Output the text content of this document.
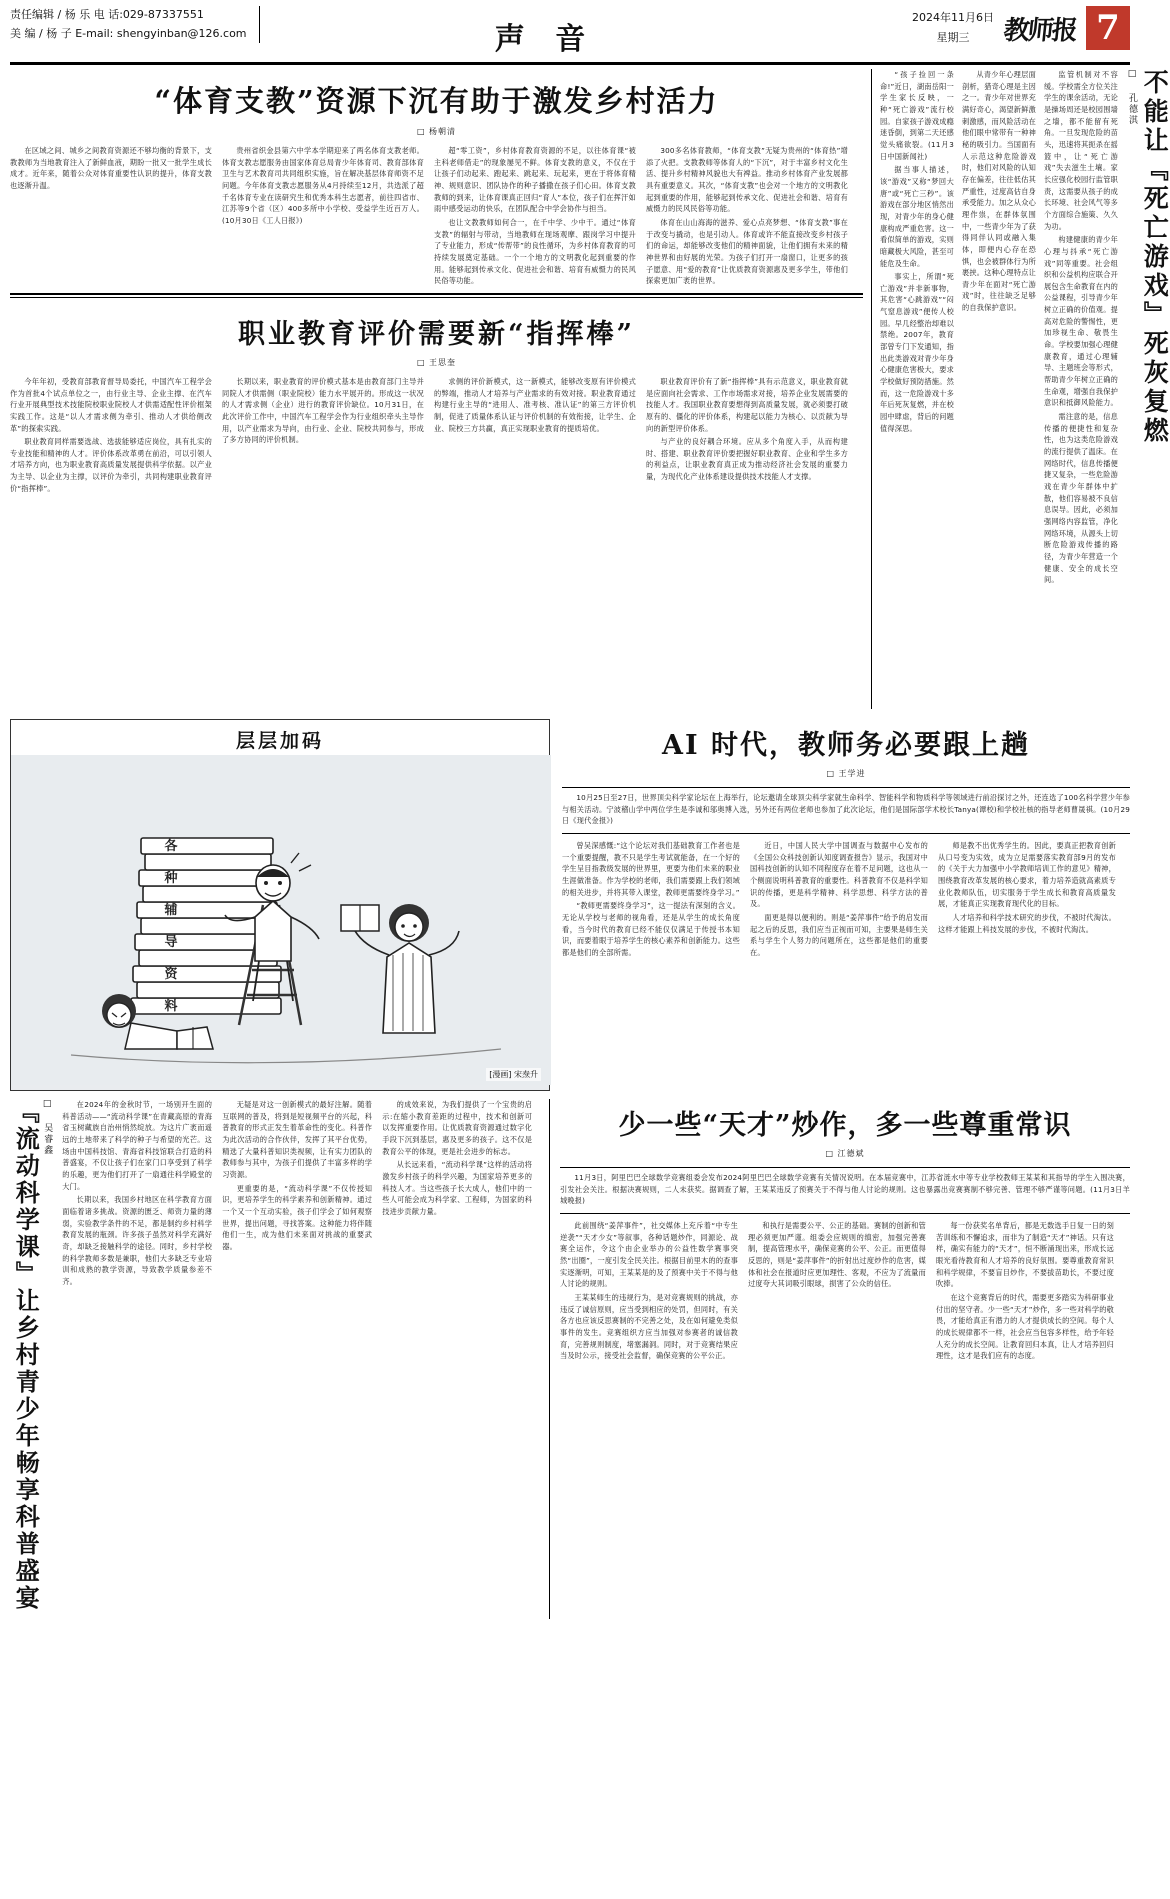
责任编辑 / 杨 乐 电 话:029-87337551
美 编 / 杨 子 E-mail: shengyinban@126.com	声 音
2024年11月6日
星期三	教师报 7
“体育支教”资源下沉有助于激发乡村活力
□ 杨朝清

在区域之间、城乡之间教育资源还不够均衡的背景下，支教教师为当地教育注入了新鲜血液，期盼一批又一批学生成长成才。近年来，随着公众对体育重要性认识的提升，体育支教也逐渐升温。

贵州省织金县第六中学本学期迎来了两名体育支教老师。体育支教志愿服务由国家体育总局青少年体育司、教育部体育卫生与艺术教育司共同组织实施，旨在解决基层体育师资不足问题。今年体育支教志愿服务从4月持续至12月，共选派了超千名体育专业在读研究生和优秀本科生志愿者，前往四省市、江苏等9个省（区）400多所中小学校、受益学生近百万人。(10月30日《工人日报》)

超“零工资”，乡村体育教育资源的不足，以往体育课“被主科老师借走”的现象屡见不鲜。体育支教的意义，不仅在于让孩子们动起来、跑起来、跳起来、玩起来，更在于将体育精神、规则意识、团队协作的种子播撒在孩子们心田。体育支教教师的到来，让体育课真正回归“育人”本位，孩子们在挥汗如雨中感受运动的快乐，在团队配合中学会协作与担当。

也让文教教师如何合一，在千中学、少中干。通过“体育支教”的辐射与带动，当地教师在现场观摩、跟岗学习中提升了专业能力，形成“传帮带”的良性循环，为乡村体育教育的可持续发展奠定基础。一个一个地方的文明教化起到重要的作用。能够起到传承文化、促进社会和谐、培育有威慑力的民风民俗等功能。

300多名体育教师，“体育支教”无疑为贵州的“体育热”增添了火把。支教教师等体育人的“下沉”，对于丰富乡村文化生活、提升乡村精神风貌也大有裨益。推动乡村体育产业发展都具有重要意义。其次，“体育支教”也会对一个地方的文明教化起到重要的作用，能够起到传承文化、促进社会和谐、培育有威慑力的民风民俗等功能。

体育在山山海海的滋养、爱心点亮梦想、“体育支教”事在于改变与撬动，也是引动人。体育或许不能直接改变乡村孩子们的命运，却能够改变他们的精神面貌，让他们拥有未来的精神世界和由好展的光荣。为孩子们打开一扇窗口，让更多的孩子愿意、用“爱的教育”让优质教育资源惠及更多学生，带他们探索更加广袤的世界。

职业教育评价需要新“指挥棒”
□ 王思奎

今年年初，受教育部教育督导局委托，中国汽车工程学会作为首批4个试点单位之一，由行业主导、企业主撑、在汽车行业开展典型技术技能院校职业院校人才供需适配性评价框架实践工作。这是“以人才需求侧为牵引、推动人才供给侧改革”的探索实践。

职业教育同样需要选战、选拔能够适应岗位，具有扎实的专业技能和精神的人才。评价体系改革勇在前沿，可以引领人才培养方向，也为职业教育高质量发展提供科学依据。以产业为主导、以企业为主撑，以评价为牵引，共同构建职业教育评价“指挥棒”。

长期以来，职业教育的评价模式基本是由教育部门主导并同院人才供需侧（职业院校）能力水平展开的。形成这一状况的人才需求侧（企业）进行的教育评价缺位。10月31日，在此次评价工作中，中国汽车工程学会作为行业组织牵头主导作用，以产业需求为导向，由行业、企业、院校共同参与，形成了多方协同的评价机制。

求侧的评价新模式，这一新模式，能够改变原有评价模式的弊端，推动人才培养与产业需求的有效对接。职业教育通过构建行业主导的“进用人、准考核、准认证”的第三方评价机制，促进了质量体系认证与评价机制的有效衔接，让学生、企业、院校三方共赢，真正实现职业教育的提质培优。

职业教育评价有了新“指挥棒”具有示范意义，职业教育就是应面向社会需求、工作市场需求对接，培养企业发展需要的技能人才。我国职业教育要想得到高质量发展，就必须要打破原有的、僵化的评价体系，构建起以能力为核心、以贡献为导向的新型评价体系。

与产业的良好耦合环境。应从多个角度入手，从而构建时、搭建、职业教育评价要把握好职业教育、企业和学生多方的利益点，让职业教育真正成为推动经济社会发展的重要力量，为现代化产业体系建设提供技术技能人才支撑。

“孩子捡回一条命!”近日，湖南岳阳一学生家长反映，一种“死亡游戏”流行校园。自家孩子游戏成瘾迷昏倒，到第二天还感觉头痛欲裂。(11月3日中国新闻社)

据当事人描述，该“游戏”又称“梦回大唐”或“死亡三秒”。该游戏在部分地区悄然出现，对青少年的身心健康构成严重危害。这一看似简单的游戏，实则暗藏极大风险，甚至可能危及生命。

事实上，所谓“死亡游戏”并非新事物，其危害“心跳游戏”“闷气窒息游戏”便传人校园。早几经整治却难以禁绝。2007年，教育部曾专门下发通知，指出此类游戏对青少年身心健康危害极大，要求学校做好预防措施。然而，这一危险游戏十多年后死灰复燃，并在校园中肆虐，背后的问题值得深思。

从青少年心理层面剖析，猎奇心理是主因之一。青少年对世界充满好奇心，渴望新鲜激刺激感，而风险活动在他们眼中常带有一种神秘的吸引力。当国面有人示范这种危险游戏时，他们对风险的认知存在偏差，往往低估其严重性，过度高估自身承受能力。加之从众心理作祟，在群体氛围中，一些青少年为了获得同伴认同或融入集体，即便内心存在恐惧，也会被群体行为所裹挟。这种心理特点让青少年在面对“死亡游戏”时，往往缺乏足够的自我保护意识。

监管机制对不容缓。学校需全方位关注学生的课余活动，无论是操场周还是校园围墙之墙，都不能留有死角。一旦发现危险的苗头，迅速将其扼杀在摇篮中，让“死亡游戏”失去滋生土壤。家长应强化校园行监管职责，这需要从孩子的成长环境、社会风气等多个方面综合施策、久久为功。

构建健康的青少年心理与抖承“死亡游戏”同等重要。社会组织和公益机构应联合开展包含生命教育在内的公益课程，引导青少年树立正确的价值观。提高对危险的警惕性，更加珍视生命、敬畏生命。学校要加强心理健康教育，通过心理辅导、主题班会等形式，帮助青少年树立正确的生命观，增强自我保护意识和抵御风险能力。

需注意的是，信息传播的便捷性和复杂性，也为这类危险游戏的流行提供了温床。在网络时代，信息传播便捷又复杂，一些危险游戏在青少年群体中扩散，他们容易被不良信息误导。因此，必须加强网络内容监管，净化网络环境，从源头上切断危险游戏传播的路径，为青少年营造一个健康、安全的成长空间。

□ 孔德淇 不能让『死亡游戏』死灰复燃
层层加码
各
种
辅
导
资
料
[漫画] 宋焘升
AI 时代，教师务必要跟上趟
□ 王学进

10月25日至27日，世界顶尖科学家论坛在上海举行，论坛邀请全球顶尖科学家就生命科学、智能科学和物质科学等领域进行前沿探讨之外，还连选了100名科学营少年参与相关活动。宁波稽山学中两位学生是李诚和邬奥博入选，另外还有两位老师也参加了此次论坛，他们是国际部学术校长Tanya(谭校)和学校社核的指导老师曹晟祺。(10月29日《现代金报》)

曾吴深感慨:“这个论坛对我们基础教育工作者也是一个重要提醒，教不只是学生考试就能备，在一个好的学生呈目指教级发展的世界里，更要为他们未来的职业生涯做准备。作为学校的老师，我们需要跟上我们领域的相关进步，并将其带入课堂，教师更需要终身学习。”

“教师更需要终身学习”，这一提法有深刻的含义。无论从学校与老师的视角看，还是从学生的成长角度看，当今时代的教育已经不能仅仅满足于传授书本知识，而要着眼于培养学生的核心素养和创新能力。这些都是他们的全部所需。

近日，中国人民大学中国调查与数据中心发布的《全国公众科技创新认知度调查报告》显示，我国对中国科技创新的认知不同程度存在着不足问题，这也从一个侧面说明科普教育的重要性。科普教育不仅是科学知识的传播，更是科学精神、科学思想、科学方法的普及。

面更是得以便利的。则是“姜萍事件”给予的启发而起之后的反思，我们应当正视而可知，主要果是师生关系与学生个人努力的问题所在，这些都是他们的重要在。

师是教不出优秀学生的。因此，要真正把教育创新从口号变为实效，成为立足需要落实教育部9月的发布的《关于大力加强中小学教师培训工作的意见》精神，围绕教育改革发展的核心要求，着力培养造就高素质专业化教师队伍，切实服务于学生成长和教育高质量发展，才能真正实现教育现代化的目标。

人才培养和科学技术研究的步伐，不被时代淘汰。这样才能跟上科技发展的步伐，不被时代淘汰。

『流动科学课』让乡村青少年畅享科普盛宴 □ 吴睿鑫	在2024年的金秋时节，一场别开生面的科普活动——“流动科学课”在青藏高原的青海省玉树藏族自治州悄然绽放。为这片广袤而遥远的土地带来了科学的种子与希望的光芒。这场由中国科技馆、青海省科技馆联合打造的科普盛宴，不仅让孩子们在家门口享受到了科学的乐趣，更为他们打开了一扇通往科学殿堂的大门。

长期以来，我国乡村地区在科学教育方面面临着诸多挑战。资源的匮乏、师资力量的薄弱，实验教学条件的不足，都是制约乡村科学教育发展的瓶颈。许多孩子虽然对科学充满好奇，却缺乏接触科学的途径。同时，乡村学校的科学教师多数是兼职，他们大多缺乏专业培训和成熟的教学资源，导致教学质量参差不齐。

无疑是对这一创新模式的最好注解。随着互联网的普及，将到是短视频平台的兴起，科普教育的形式正发生着革命性的变化。科普作为此次活动的合作伙伴，发挥了其平台优势，精选了大量科普知识类视频，让有实力团队的教师参与其中，为孩子们提供了丰富多样的学习资源。

更重要的是，“流动科学课”不仅传授知识，更培养学生的科学素养和创新精神。通过一个又一个互动实验，孩子们学会了如何观察世界，提出问题，寻找答案。这种能力将伴随他们一生，成为他们未来面对挑战的重要武器。

的成效来说，为我们提供了一个宝贵的启示:在缩小教育差距的过程中，技术和创新可以发挥重要作用。让优质教育资源通过数字化手段下沉到基层，惠及更多的孩子。这不仅是教育公平的体现，更是社会进步的标志。

从长远来看，“流动科学课”这样的活动将激发乡村孩子的科学兴趣，为国家培养更多的科技人才。当这些孩子长大成人，他们中的一些人可能会成为科学家、工程师，为国家的科技进步贡献力量。

少一些“天才”炒作，多一些尊重常识
□ 江德斌

11月3日，阿里巴巴全球数学竞赛组委会发布2024阿里巴巴全球数学竞赛有关情况说明。在本届竞赛中，江苏省涟水中等专业学校教师王某某和其指导的学生入围决赛，引发社会关注。根据决赛规则，二人未获奖。据调查了解，王某某违反了预赛关于不得与他人讨论的规则。这也暴露出竞赛赛制不够完善、管理不够严谨等问题。(11月3日羊城晚报)

此前围绕“姜萍事件”，社交媒体上充斥着“中专生逆袭”“天才少女”等叙事，各种话题炒作，同源论、战赛全运作，令这个由企业举办的公益性数学赛事突然“出圈”，一度引发全民关注。根据目前里木的的查事实逐渐明，可知，王某某是的及了预赛中关于不得与他人讨论的规则。

王某某师生的违规行为，是对竞赛规则的挑战，亦违反了诚信原则，应当受到相应的处罚，但同时，有关各方也应该反思赛制的不完善之处，及在如何避免类似事件的发生。竞赛组织方应当加强对参赛者的诚信教育，完善规则制度，堵塞漏洞。同时，对于竞赛结果应当及时公示，接受社会监督，确保竞赛的公平公正。

和执行是需要公平、公正的基础。赛制的创新和管理必须更加严谨。组委会应规则的缜密，加强完善赛制，提高管理水平，确保竞赛的公平、公正。而更值得反思的，则是“姜萍事件”的折射出过度炒作的危害，媒体和社会在报道时应更加理性、客观，不应为了流量而过度夸大其词吸引眼球，损害了公众的信任。

每一份获奖名单背后，都是无数选手日复一日的刻苦训练和不懈追求，而非为了制造“天才”神话。只有这样，确实有能力的“天才”，恒不断涌现出来，形成长远眼光看待教育和人才培养的良好氛围。要尊重教育常识和科学规律，不要盲目炒作，不要拔苗助长，不要过度吹捧。

在这个竞赛背后的时代，需要更多踏实为科研事业付出的坚守者。少一些“天才”炒作，多一些对科学的敬畏，才能给真正有潜力的人才提供成长的空间。每个人的成长规律都不一样，社会应当包容多样性，给予年轻人充分的成长空间。让教育回归本真，让人才培养回归理性，这才是我们应有的态度。
